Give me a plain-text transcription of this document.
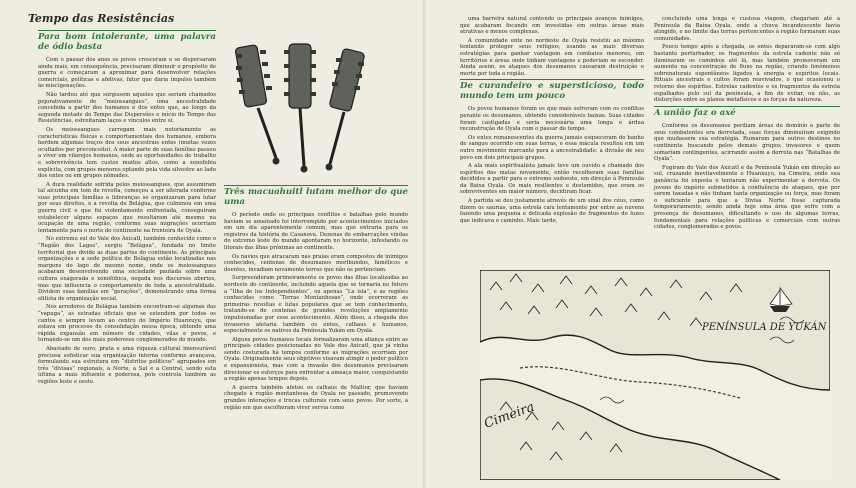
Tempo das Resistências
Para bom intolerante, uma palavra de ódio basta

Com o passar dos anos os povos cresceram e se dispersaram ainda mais, em consequência, precisaram diminuir o propósito de guerra e começaram a aproximar para desenvolver relações comerciais, políticas e afetivas, fator que daria impulso também às miscigenações.

Não tardou até que surgissem aqueles que seriam chamados pejorativamente de “meiossangues”, uma ancestralidade concebida a partir dos humanos e dos entes que, ao longo da segunda metade do Tempo das Dispersões e início do Tempo das Resistências, estreitaram laços e vínculos entre si.

Os meiossangues carregam mais notoriamente as características físicas e comportamentais dos humanos, embora herdem algumas traços dos seus ancestrais entes (muitas vezes ocultados por preconceito). A maior parte de suas famílias passou a viver em vilarejos humanos, onde as oportunidades de trabalho e sobrevivência tem custos muitos altos, como a xenofobia explícita, com grupos menores optando pela vida silvestre ao lado dos entes ou em grupos nômades.

A dura realidade sofrida pelos meiossangues, que assumiram tal alcunha em tom de revolta, começou a ser alterada conforme suas principais famílias e lideranças se organizaram para lutar por seus direitos, e a revolta de Belágua, que culminou em uma guerra civil e que foi violentamente enfrentada, conseguiram estabelecer alguns espaços que resultaram até mesmo na ocupação de uma região, conforme suas migrações ocorriam lentamente para o norte do continente na fronteira de Oyala.

No extremo sul do Vale dos Axicatl, também conhecido como o “Região dos Lagos”, surgiu “Belágua”, fundada no limite territorial que divide as duas partes do continente. As principais organizações e a sede política de Belágua estão localizadas nas margens do lago de mesmo nome, onde os meiossangues acabaram desenvolvendo uma sociedade pautada sobre uma cultura exagerada e xenofóbica, negada nos discursos abertos, mas que influencia o comportamento de toda a ancestralidade. Dividem suas famílias em “gerações”, demonstrando uma forma elitista de organização social.

Nos arredores de Belágua também encontram-se algumas das “vapuga”, as estradas oficiais que se estendem por todos os cantos e sempre levam ao centro do Império Huanxuyu, que estava em processo de consolidação nessa época, obtendo uma rápida expansão em número de cidades, vilas e povos, e tornando-se um dos mais poderosos conglomerados do mundo.

Abastado de ouro, prata e uma riqueza cultural imensurável preciosa sofisticar sua organização interna conforme avançava, formulando sua estrutura em “distritos políticos” agrupados em três “divisas” regionais, a Norte, a Sul e a Central, sendo esta última a mais influente e poderosa, pois controla também as regiões leste e oeste.

Três macuahuitl lutam melhor do que uma

O período onde os principais conflitos e batalhas pelo mundo haviam se amainado foi interrompido por acontecimentos iniciados em um dia aparentemente comum, mas que entraria para os registros da história de Casanova. Dezenas de embarcações vindas do extremo leste do mundo apontaram no horizonte, infestando os litorais das ilhas próximas ao continente.

Os navios que atracaram nas praias eram compostos de inimigos conhecidos, centenas de desumanos morlbundos, famélicos e doentes, invadiam novamente terras que não os pertenciam.

Surpreenderam primeiramente os povos das ilhas localizadas ao nordeste do continente, incluindo aquela que se tornaria no futuro a “Ilha de los Independientes”, ou apenas “La isla”, e as regiões conhecidas como “Terras Montanhosas”, onde ocorreram as primeiras revoltas e lutas populares que se tem conhecimento, tratando-se de centenas de grandes revoluções amplamente impulsionadas por esse acontecimento. Além disso, a chegada dos invasores afetaria também os entes, calhaus e humanos, especialmente os nativos da Península Yukán em Oyala.

Alguns povos humanos locais formalizaram uma aliança entre as principais cidades posicionadas no Vale dos Axicatl, que já vinha sendo costurada há tempos conforme as migrações ocorriam por Oyala. Originalmente seus objetivos visavam atingir o poder político e expansionista, mas com a invasão dos desumanos precisaram direcionar os esforços para enfrentar a ameaça maior, conquistando a região apenas tempos depois.

A guerra também afetou os calhaus de Maltior, que haviam chegado à região montanhosa de Oyala no passado, promovendo grandes interações e trocas culturais com seus povos. Por sorte, a região em que escolheram viver servia como

uma barreira natural contendo os principais avanços inimigos, que acabaram focando em investidas em outras áreas mais atrativas e menos complexas.

A comunidade ente no nordeste de Oyala resistiu ao máximo tentando proteger seus refúgios, usando as mais diversas estratégias para ganhar vantagem em combates menores, em territórios e áreas onde tinham vantagens e poderiam se esconder. Ainda assim, os ataques dos desumanos causaram destruição e morte por toda a região.

De curandeiro e supersticioso, todo mundo tem um pouco

Os povos humanos foram os que mais sofreram com os conflitos perante os desumanos, obtendo consideráveis baixas. Suas cidades foram castigadas e seria necessária uma longa e árdua reconstrução de Oyala com o passar do tempo.

Os entes remanescentes da guerra jamais esqueceram do banho de sangue ocorrido em suas terras, e essa mácula resultou em um outro movimento marcante para a ancestralidade: a divisão de seu povo em dois principais grupos.

A ala mais espiritualista jamais teve um ouvido e chamado dos espíritos das matas novamente, então recolheram suas famílias decididos a partir para o extremo sudoeste, em direção à Península da Baixa Oyala. Os mais resilientes e destemidos, que eram os sobreviventes em maior número, decidiram ficar.

A partida se deu justamente através de um sinal dos céus, como dizem os saurias, uma estrela caiu lentamente por entre as nuvens fazendo uma pequena e delicada explosão de fragmentos de luzes que indicava o caminho. Mais tarde,

concluindo uma longa e custosa viagem, chegariam até a Península da Baixa Oyala, onde a chuva incandescente havia atingido, e no limite das terras pertencentes à região formaram suas comunidades.

Pouco tempo após a chegada, os entes depararam-se com algo bastante perturbador, os fragmentos da estrela cadente não só iluminaram os caminhos até lá, mas também promoveram um aumento na concentração de fluxo na região, criando fenômenos sobrenaturais espontâneos ligados à energia e espíritos locais. Rituais ancestrais e cultos foram reavivados, o que ocasionou o retorno dos espíritos. Estrelas cadentes e os fragmentos da estrela espalhados pelo sul da península, a fim de evitar, ou não, as distorções entre os planos metafísicos e as forças da natureza.

A união faz o axé

Conforme os desumanos perdiam áreas de domínio e parte de seus combatentes era derrotada, suas forças diminuíram exigindo que mudassem sua estratégia. Rumaram para outros destinos no continente buscando pelos demais grupos invasores e quem somariam contingentes, acirrando assim a derrota nas “Batalhas de Oyala”.

Fugiram do Vale dos Axicatl e da Península Yukán em direção ao sul, cruzando inevitavelmente o Huanxuyu, na Cimeira, onde sua ganância foi exposta e tentaram não experimentar a derrota. Os jovens do império submetidos à confluência de ataques, que por serem taxadas e não tinham tanta organização ou força, mas foram o suficiente para que a Divisa Norte fosse capturada temporariamente, sendo ainda hoje uma área que sofre com a presença de desumanos, dificultando o uso de algumas terras, fundamentais para relações políticas e comerciais com outras cidades, conglomerados e povos.

PENÍNSULA DE YUKÁN
Cimeira
